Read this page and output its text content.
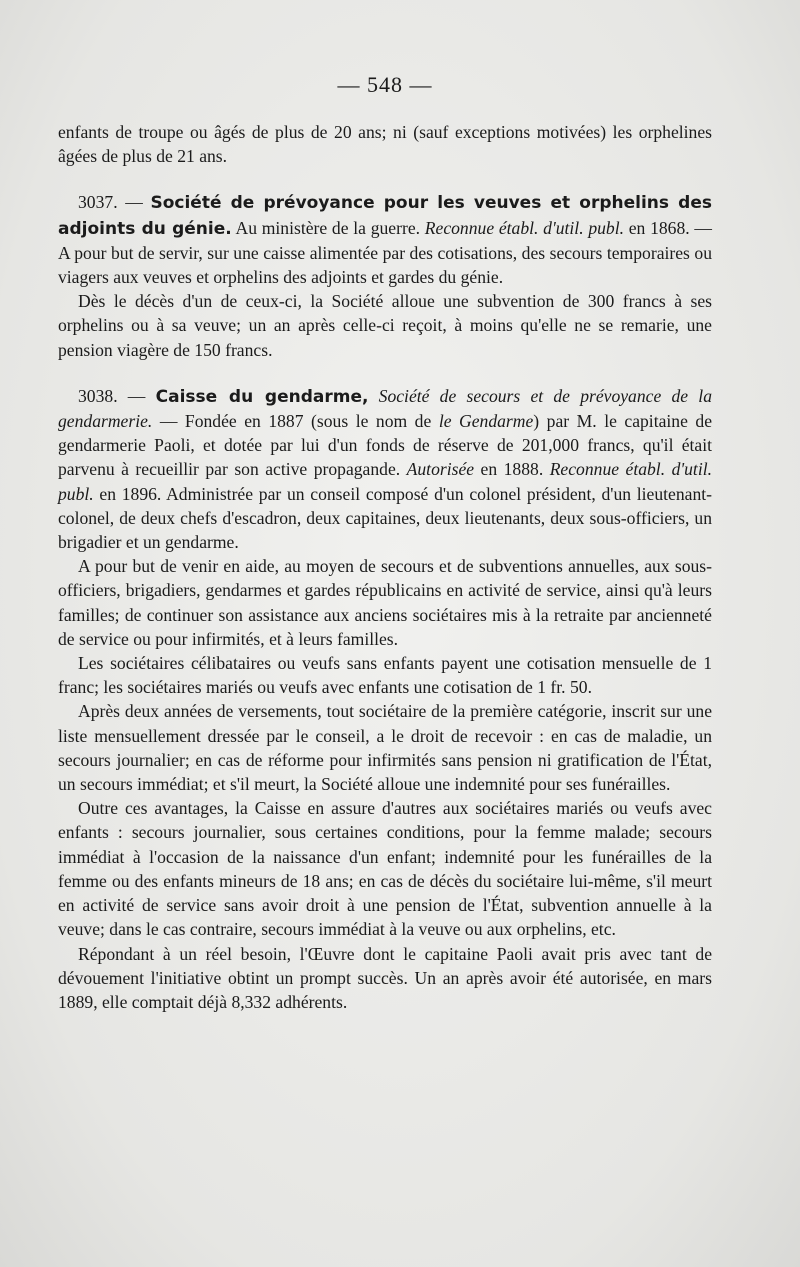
— 548 —

enfants de troupe ou âgés de plus de 20 ans; ni (sauf exceptions motivées) les orphelines âgées de plus de 21 ans.

3037. — Société de prévoyance pour les veuves et orphelins des adjoints du génie. Au ministère de la guerre. Reconnue établ. d'util. publ. en 1868. — A pour but de servir, sur une caisse alimentée par des cotisations, des secours temporaires ou viagers aux veuves et orphelins des adjoints et gardes du génie.

Dès le décès d'un de ceux-ci, la Société alloue une subvention de 300 francs à ses orphelins ou à sa veuve; un an après celle-ci reçoit, à moins qu'elle ne se remarie, une pension viagère de 150 francs.

3038. — Caisse du gendarme, Société de secours et de prévoyance de la gendarmerie. — Fondée en 1887 (sous le nom de le Gendarme) par M. le capitaine de gendarmerie Paoli, et dotée par lui d'un fonds de réserve de 201,000 francs, qu'il était parvenu à recueillir par son active propagande. Autorisée en 1888. Reconnue établ. d'util. publ. en 1896. Administrée par un conseil composé d'un colonel président, d'un lieutenant-colonel, de deux chefs d'escadron, deux capitaines, deux lieutenants, deux sous-officiers, un brigadier et un gendarme.

A pour but de venir en aide, au moyen de secours et de subventions annuelles, aux sous-officiers, brigadiers, gendarmes et gardes républicains en activité de service, ainsi qu'à leurs familles; de continuer son assistance aux anciens sociétaires mis à la retraite par ancienneté de service ou pour infirmités, et à leurs familles.

Les sociétaires célibataires ou veufs sans enfants payent une cotisation mensuelle de 1 franc; les sociétaires mariés ou veufs avec enfants une cotisation de 1 fr. 50.

Après deux années de versements, tout sociétaire de la première catégorie, inscrit sur une liste mensuellement dressée par le conseil, a le droit de recevoir : en cas de maladie, un secours journalier; en cas de réforme pour infirmités sans pension ni gratification de l'État, un secours immédiat; et s'il meurt, la Société alloue une indemnité pour ses funérailles.

Outre ces avantages, la Caisse en assure d'autres aux sociétaires mariés ou veufs avec enfants : secours journalier, sous certaines conditions, pour la femme malade; secours immédiat à l'occasion de la naissance d'un enfant; indemnité pour les funérailles de la femme ou des enfants mineurs de 18 ans; en cas de décès du sociétaire lui-même, s'il meurt en activité de service sans avoir droit à une pension de l'État, subvention annuelle à la veuve; dans le cas contraire, secours immédiat à la veuve ou aux orphelins, etc.

Répondant à un réel besoin, l'Œuvre dont le capitaine Paoli avait pris avec tant de dévouement l'initiative obtint un prompt succès. Un an après avoir été autorisée, en mars 1889, elle comptait déjà 8,332 adhérents.
